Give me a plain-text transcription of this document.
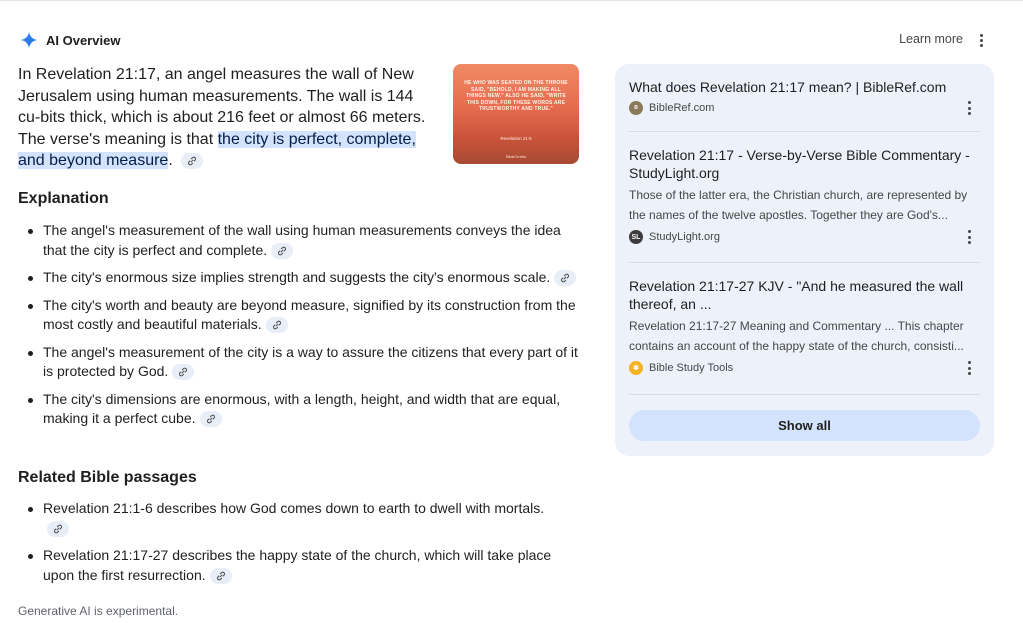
AI Overview	Learn more

In Revelation 21:17, an angel measures the wall of New Jerusalem using human measurements. The wall is 144 cu-bits thick, which is about 216 feet or almost 66 meters. The verse's meaning is that the city is perfect, complete, and beyond measure.

HE WHO WAS SEATED ON THE THRONE SAID, "BEHOLD, I AM MAKING ALL THINGS NEW." ALSO HE SAID, "WRITE THIS DOWN, FOR THESE WORDS ARE TRUSTWORTHY AND TRUE."
Revelation 21:5
BibleTruths
Explanation
The angel's measurement of the wall using human measurements conveys the idea that the city is perfect and complete.
The city's enormous size implies strength and suggests the city's enormous scale.
The city's worth and beauty are beyond measure, signified by its construction from the most costly and beautiful materials.
The angel's measurement of the city is a way to assure the citizens that every part of it is protected by God.
The city's dimensions are enormous, with a length, height, and width that are equal, making it a perfect cube.
Related Bible passages
Revelation 21:1-6 describes how God comes down to earth to dwell with mortals.
Revelation 21:17-27 describes the happy state of the church, which will take place upon the first resurrection.
Generative AI is experimental.
What does Revelation 21:17 mean? | BibleRef.com
B	BibleRef.com
Revelation 21:17 - Verse-by-Verse Bible Commentary - StudyLight.org
Those of the latter era, the Christian church, are represented by the names of the twelve apostles. Together they are God's...
SL StudyLight.org
Revelation 21:17-27 KJV - "And he measured the wall thereof, an ...
Revelation 21:17-27 Meaning and Commentary ... This chapter contains an account of the happy state of the church, consisti...
✱ Bible Study Tools
Show all
